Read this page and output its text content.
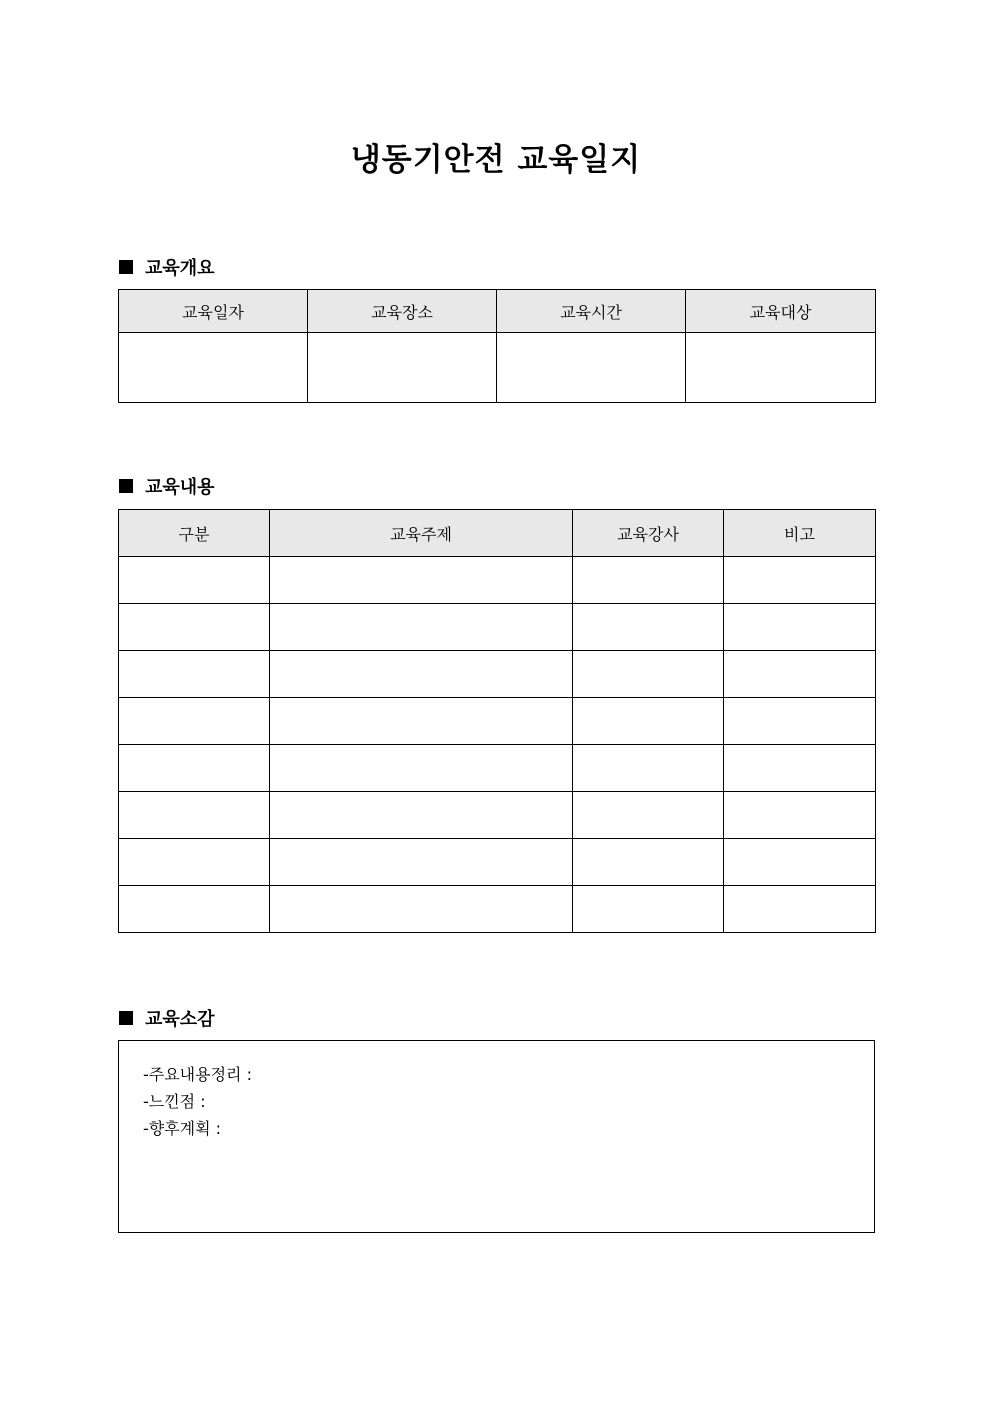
냉동기안전 교육일지
교육개요
교육일자	교육장소	교육시간	교육대상

교육내용
구분	교육주제	교육강사	비고

교육소감
-주요내용정리 :
-느낀점 :
-향후계획 :
